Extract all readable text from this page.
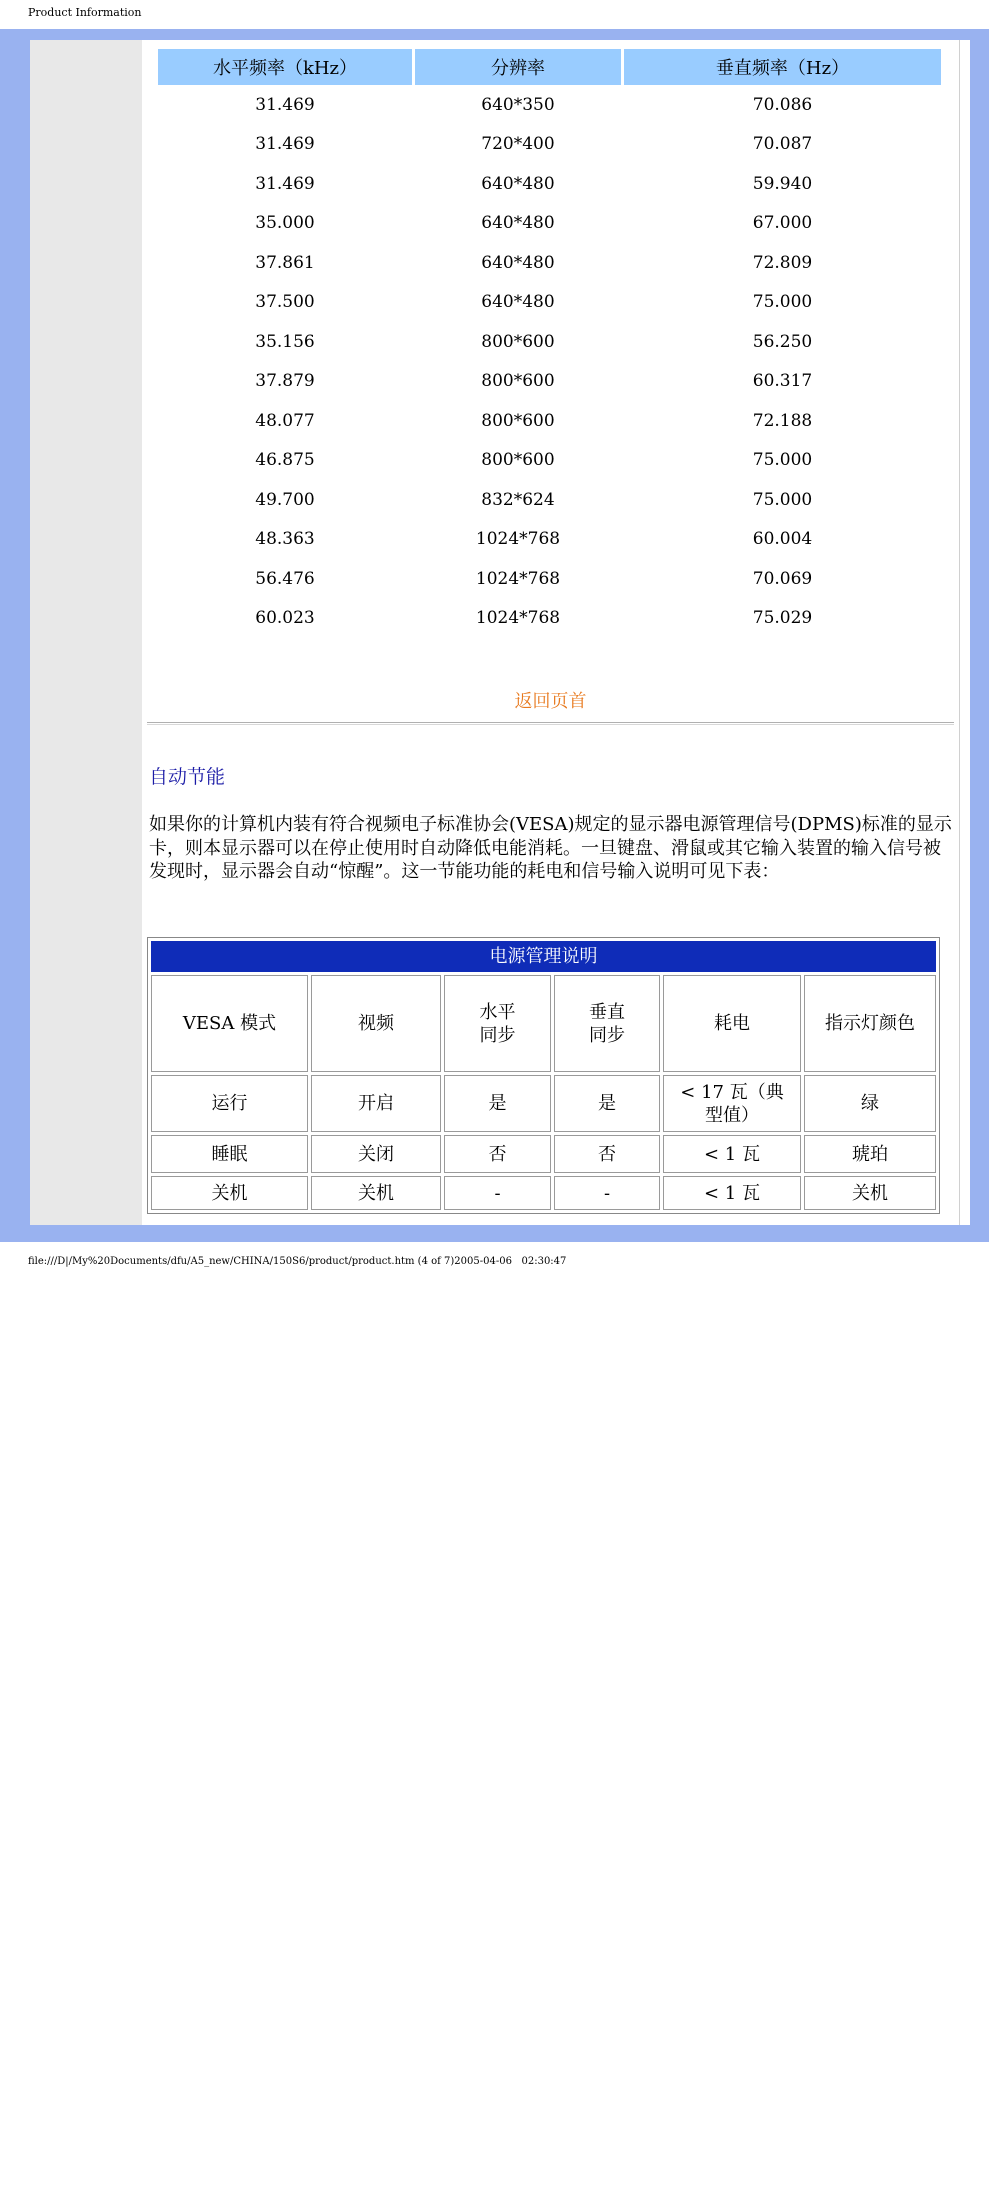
Product Information
水平频率（kHz）	分辨率	垂直频率（Hz）
31.469	640*350	70.086
31.469	720*400	70.087
31.469	640*480	59.940
35.000	640*480	67.000
37.861	640*480	72.809
37.500	640*480	75.000
35.156	800*600	56.250
37.879	800*600	60.317
48.077	800*600	72.188
46.875	800*600	75.000
49.700	832*624	75.000
48.363	1024*768	60.004
56.476	1024*768	70.069
60.023	1024*768	75.029
返回页首
自动节能
如果你的计算机内装有符合视频电子标准协会(VESA)规定的显示器电源管理信号(DPMS)标准的显示卡，则本显示器可以在停止使用时自动降低电能消耗。一旦键盘、滑鼠或其它输入装置的输入信号被发现时，显示器会自动“惊醒”。这一节能功能的耗电和信号输入说明可见下表：
电源管理说明					
VESA 模式	视频	水平同步	垂直同步	耗电	指示灯颜色
运行	开启	是	是	< 17 瓦（典型值）	绿
睡眠	关闭	否	否	< 1 瓦	琥珀
关机	关机	-	-	< 1 瓦	关机
file:///D|/My%20Documents/dfu/A5_new/CHINA/150S6/product/product.htm (4 of 7)2005-04-06   02:30:47
